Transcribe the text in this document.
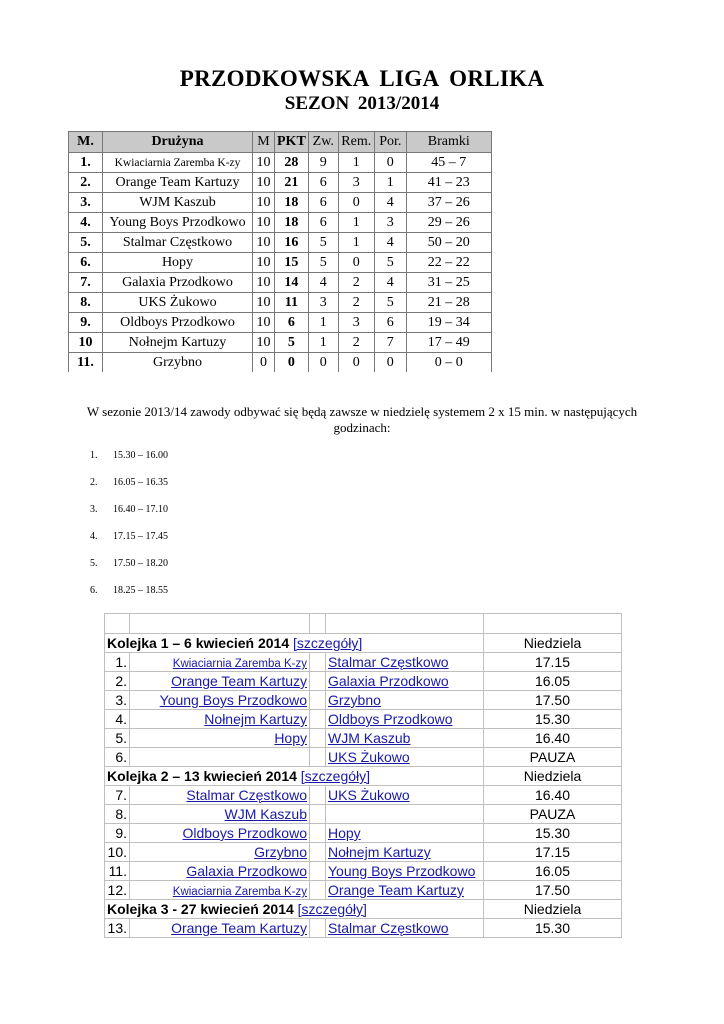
PRZODKOWSKA LIGA ORLIKA
SEZON 2013/2014
M.	Drużyna	M	PKT	Zw.	Rem.	Por.	Bramki
1.	Kwiaciarnia Zaremba K-zy	10	28	9	1	0	45 – 7
2.	Orange Team Kartuzy	10	21	6	3	1	41 – 23
3.	WJM Kaszub	10	18	6	0	4	37 – 26
4.	Young Boys Przodkowo	10	18	6	1	3	29 – 26
5.	Stalmar Częstkowo	10	16	5	1	4	50 – 20
6.	Hopy	10	15	5	0	5	22 – 22
7.	Galaxia Przodkowo	10	14	4	2	4	31 – 25
8.	UKS Żukowo	10	11	3	2	5	21 – 28
9.	Oldboys Przodkowo	10	6	1	3	6	19 – 34
10	Nołnejm Kartuzy	10	5	1	2	7	17 – 49
11.	Grzybno	0	0	0	0	0	0 – 0
W sezonie 2013/14 zawody odbywać się będą zawsze w niedzielę systemem 2 x 15 min. w następujących godzinach:
1. 15.30 – 16.00
2. 16.05 – 16.35
3. 16.40 – 17.10
4. 17.15 – 17.45
5. 17.50 – 18.20
6. 18.25 – 18.55

Kolejka 1 – 6 kwiecień 2014 [szczegóły]				Niedziela
1.	Kwiaciarnia Zaremba K-zy		Stalmar Częstkowo	17.15
2.	Orange Team Kartuzy		Galaxia Przodkowo	16.05
3.	Young Boys Przodkowo		Grzybno	17.50
4.	Nołnejm Kartuzy		Oldboys Przodkowo	15.30
5.	Hopy		WJM Kaszub	16.40
6.			UKS Żukowo	PAUZA
Kolejka 2 – 13 kwiecień 2014 [szczegóły]				Niedziela
7.	Stalmar Częstkowo		UKS Żukowo	16.40
8.	WJM Kaszub			PAUZA
9.	Oldboys Przodkowo		Hopy	15.30
10.	Grzybno		Nołnejm Kartuzy	17.15
11.	Galaxia Przodkowo		Young Boys Przodkowo	16.05
12.	Kwiaciarnia Zaremba K-zy		Orange Team Kartuzy	17.50
Kolejka 3 - 27 kwiecień 2014 [szczegóły]				Niedziela
13.	Orange Team Kartuzy		Stalmar Częstkowo	15.30
